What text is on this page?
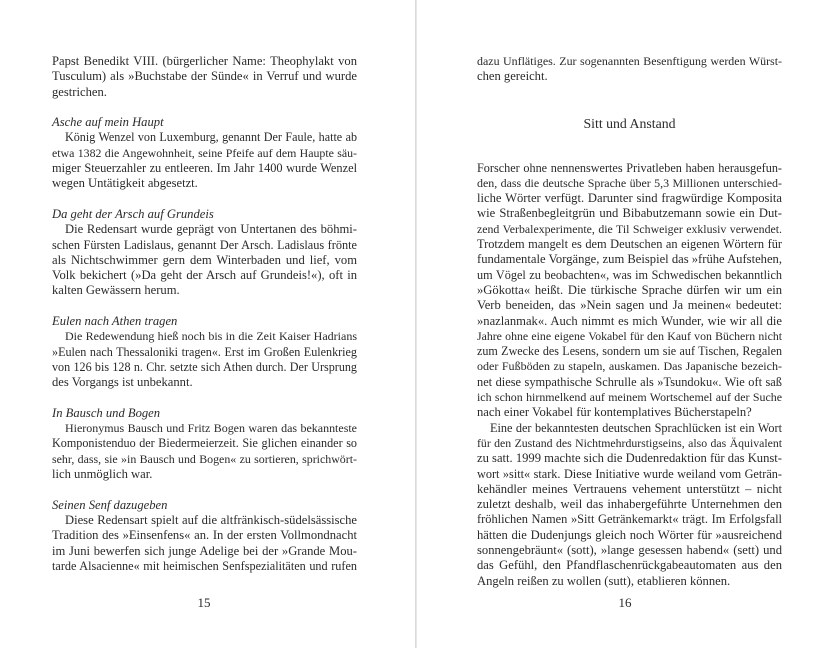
Papst Benedikt VIII. (bürgerlicher Name: Theophylakt von
Tusculum) als »Buchstabe der Sünde« in Verruf und wurde
gestrichen.
Asche auf mein Haupt
König Wenzel von Luxemburg, genannt Der Faule, hatte ab
etwa 1382 die Angewohnheit, seine Pfeife auf dem Haupte säu-
miger Steuerzahler zu entleeren. Im Jahr 1400 wurde Wenzel
wegen Untätigkeit abgesetzt.
Da geht der Arsch auf Grundeis
Die Redensart wurde geprägt von Untertanen des böhmi-
schen Fürsten Ladislaus, genannt Der Arsch. Ladislaus frönte
als Nichtschwimmer gern dem Winterbaden und lief, vom
Volk bekichert (»Da geht der Arsch auf Grundeis!«), oft in
kalten Gewässern herum.
Eulen nach Athen tragen
Die Redewendung hieß noch bis in die Zeit Kaiser Hadrians
»Eulen nach Thessaloniki tragen«. Erst im Großen Eulenkrieg
von 126 bis 128 n. Chr. setzte sich Athen durch. Der Ursprung
des Vorgangs ist unbekannt.
In Bausch und Bogen
Hieronymus Bausch und Fritz Bogen waren das bekannteste
Komponistenduo der Biedermeierzeit. Sie glichen einander so
sehr, dass, sie »in Bausch und Bogen« zu sortieren, sprichwört-
lich unmöglich war.
Seinen Senf dazugeben
Diese Redensart spielt auf die altfränkisch-südelsässische
Tradition des »Einsenfens« an. In der ersten Vollmondnacht
im Juni bewerfen sich junge Adelige bei der »Grande Mou-
tarde Alsacienne« mit heimischen Senfspezialitäten und rufen
15
dazu Unflätiges. Zur sogenannten Besenftigung werden Würst-
chen gereicht.
Sitt und Anstand
Forscher ohne nennenswertes Privatleben haben herausgefun-
den, dass die deutsche Sprache über 5,3 Millionen unterschied-
liche Wörter verfügt. Darunter sind fragwürdige Komposita
wie Straßenbegleitgrün und Bibabutzemann sowie ein Dut-
zend Verbalexperimente, die Til Schweiger exklusiv verwendet.
Trotzdem mangelt es dem Deutschen an eigenen Wörtern für
fundamentale Vorgänge, zum Beispiel das »frühe Aufstehen,
um Vögel zu beobachten«, was im Schwedischen bekanntlich
»Gökotta« heißt. Die türkische Sprache dürfen wir um ein
Verb beneiden, das »Nein sagen und Ja meinen« bedeutet:
»nazlanmak«. Auch nimmt es mich Wunder, wie wir all die
Jahre ohne eine eigene Vokabel für den Kauf von Büchern nicht
zum Zwecke des Lesens, sondern um sie auf Tischen, Regalen
oder Fußböden zu stapeln, auskamen. Das Japanische bezeich-
net diese sympathische Schrulle als »Tsundoku«. Wie oft saß
ich schon hirnmelkend auf meinem Wortschemel auf der Suche
nach einer Vokabel für kontemplatives Bücherstapeln?
Eine der bekanntesten deutschen Sprachlücken ist ein Wort
für den Zustand des Nichtmehrdurstigseins, also das Äquivalent
zu satt. 1999 machte sich die Dudenredaktion für das Kunst-
wort »sitt« stark. Diese Initiative wurde weiland vom Geträn-
kehändler meines Vertrauens vehement unterstützt – nicht
zuletzt deshalb, weil das inhabergeführte Unternehmen den
fröhlichen Namen »Sitt Getränkemarkt« trägt. Im Erfolgsfall
hätten die Dudenjungs gleich noch Wörter für »ausreichend
sonnengebräunt« (sott), »lange gesessen habend« (sett) und
das Gefühl, den Pfandflaschenrückgabeautomaten aus den
Angeln reißen zu wollen (sutt), etablieren können.
16
